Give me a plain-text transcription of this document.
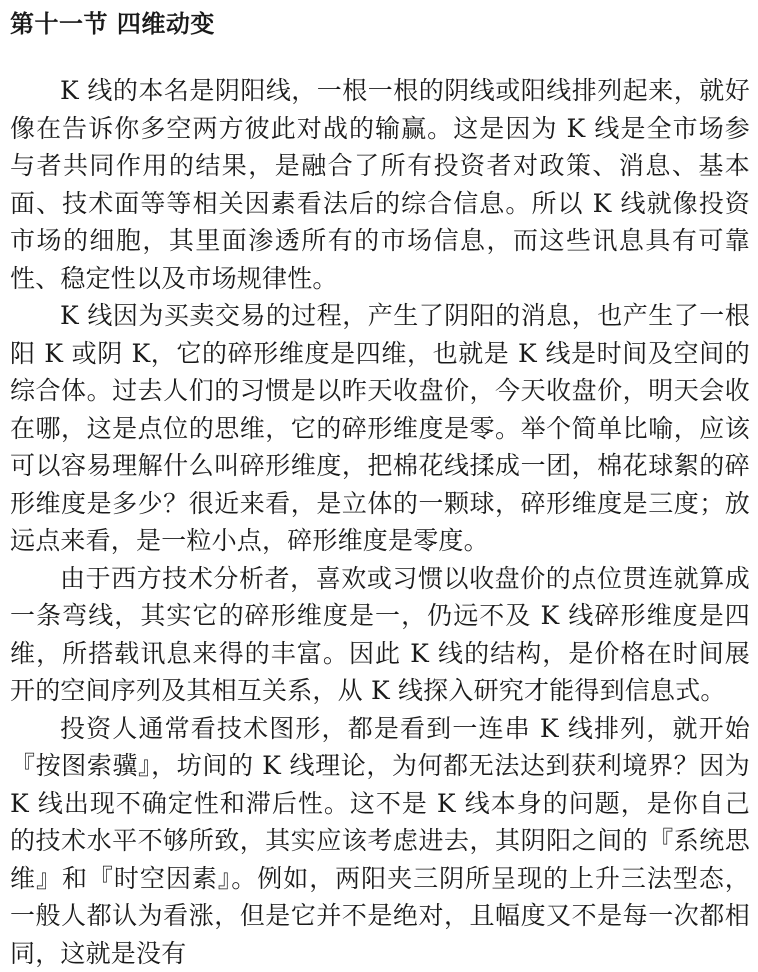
第十一节 四维动变

K 线的本名是阴阳线，一根一根的阴线或阳线排列起来，就好像在告诉你多空两方彼此对战的输赢。这是因为 K 线是全市场参与者共同作用的结果，是融合了所有投资者对政策、消息、基本面、技术面等等相关因素看法后的综合信息。所以 K 线就像投资市场的细胞，其里面渗透所有的市场信息，而这些讯息具有可靠性、稳定性以及市场规律性。

K 线因为买卖交易的过程，产生了阴阳的消息，也产生了一根阳 K 或阴 K，它的碎形维度是四维，也就是 K 线是时间及空间的综合体。过去人们的习惯是以昨天收盘价，今天收盘价，明天会收在哪，这是点位的思维，它的碎形维度是零。举个简单比喻，应该可以容易理解什么叫碎形维度，把棉花线揉成一团，棉花球絮的碎形维度是多少？很近来看，是立体的一颗球，碎形维度是三度；放远点来看，是一粒小点，碎形维度是零度。

由于西方技术分析者，喜欢或习惯以收盘价的点位贯连就算成一条弯线，其实它的碎形维度是一，仍远不及 K 线碎形维度是四维，所搭载讯息来得的丰富。因此 K 线的结构，是价格在时间展开的空间序列及其相互关系，从 K 线探入研究才能得到信息式。

投资人通常看技术图形，都是看到一连串 K 线排列，就开始『按图索骥』，坊间的 K 线理论，为何都无法达到获利境界？因为 K 线出现不确定性和滞后性。这不是 K 线本身的问题，是你自己的技术水平不够所致，其实应该考虑进去，其阴阳之间的『系统思维』和『时空因素』。例如，两阳夹三阴所呈现的上升三法型态，一般人都认为看涨，但是它并不是绝对，且幅度又不是每一次都相同，这就是没有
